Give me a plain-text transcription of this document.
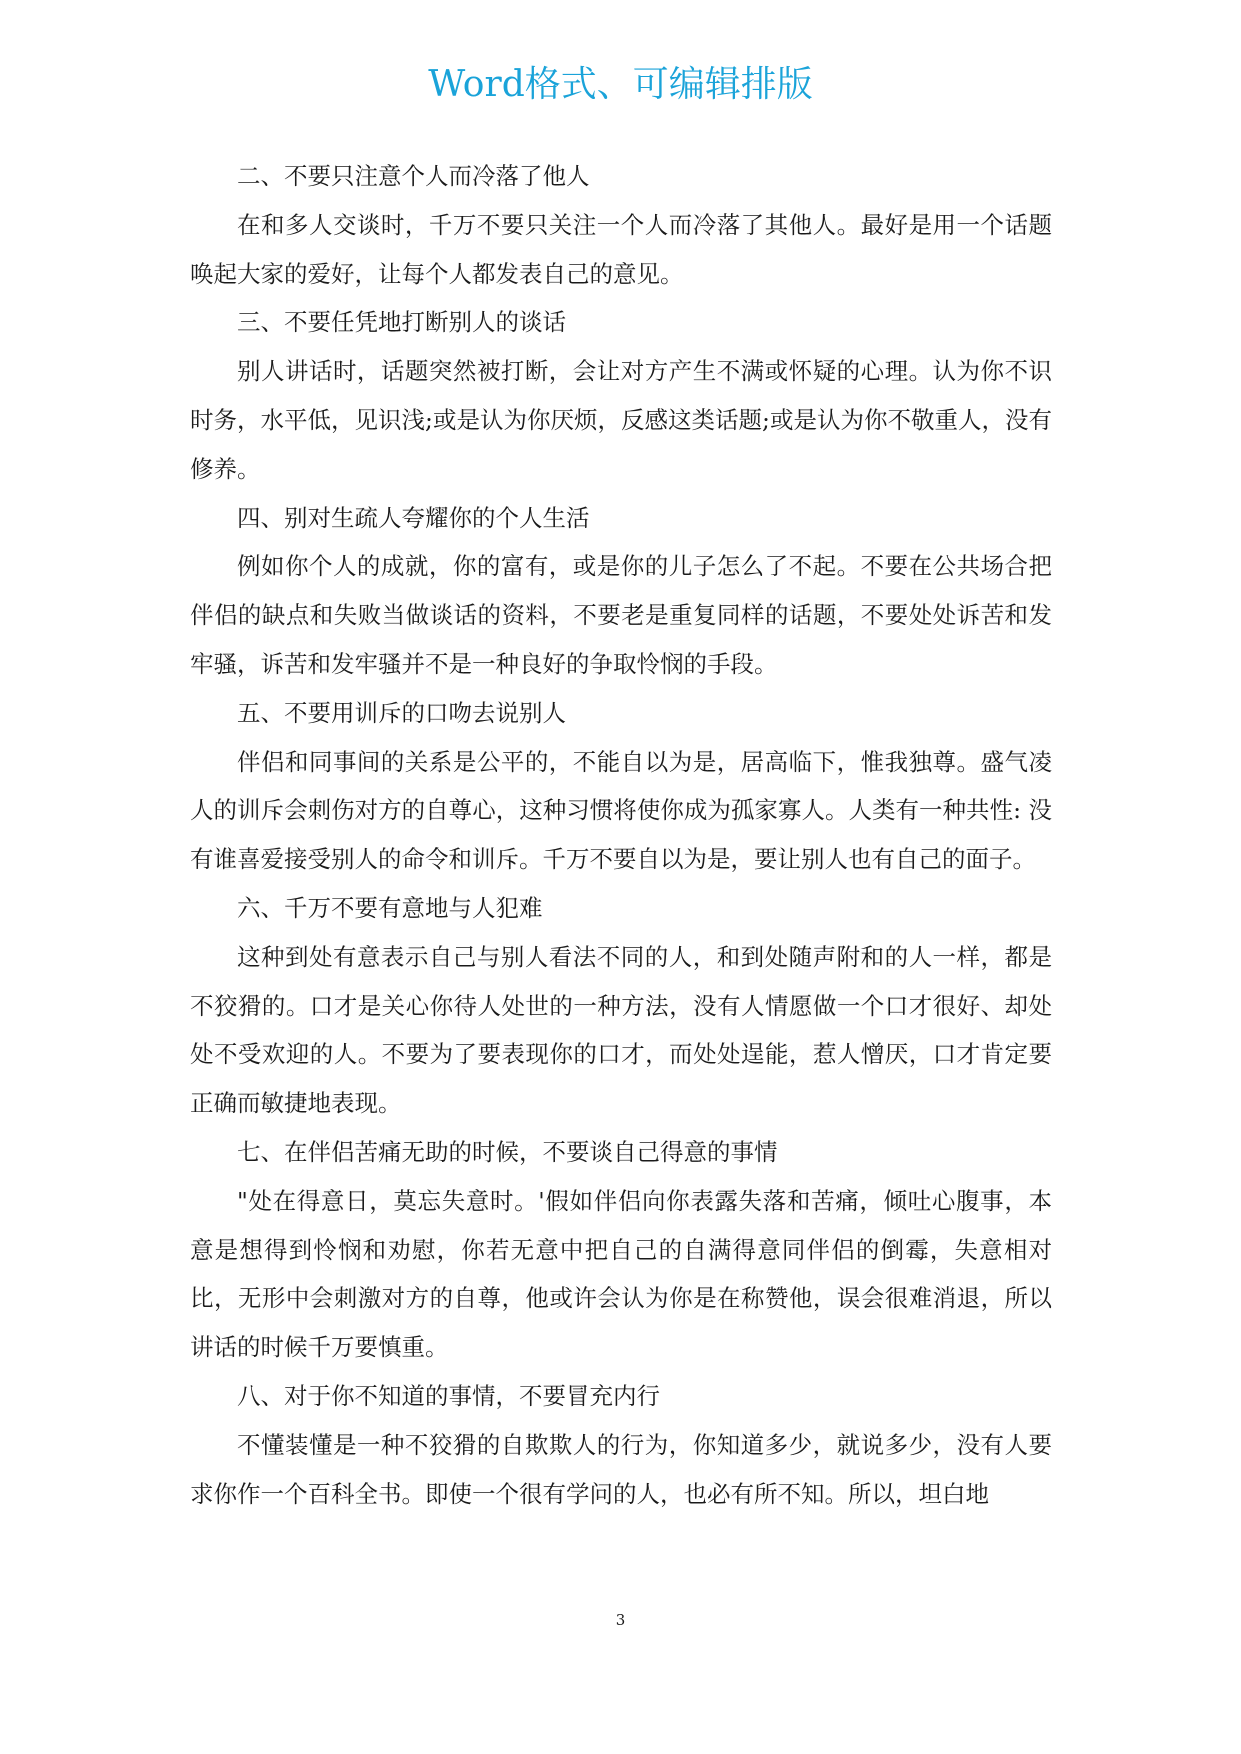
Word格式、可编辑排版

二、不要只注意个人而冷落了他人

在和多人交谈时，千万不要只关注一个人而冷落了其他人。最好是用一个话题唤起大家的爱好，让每个人都发表自己的意见。

三、不要任凭地打断别人的谈话

别人讲话时，话题突然被打断，会让对方产生不满或怀疑的心理。认为你不识时务，水平低，见识浅;或是认为你厌烦，反感这类话题;或是认为你不敬重人，没有修养。

四、别对生疏人夸耀你的个人生活

例如你个人的成就，你的富有，或是你的儿子怎么了不起。不要在公共场合把伴侣的缺点和失败当做谈话的资料，不要老是重复同样的话题，不要处处诉苦和发牢骚，诉苦和发牢骚并不是一种良好的争取怜悯的手段。

五、不要用训斥的口吻去说别人

伴侣和同事间的关系是公平的，不能自以为是，居高临下，惟我独尊。盛气凌人的训斥会刺伤对方的自尊心，这种习惯将使你成为孤家寡人。人类有一种共性: 没有谁喜爱接受别人的命令和训斥。千万不要自以为是，要让别人也有自己的面子。

六、千万不要有意地与人犯难

这种到处有意表示自己与别人看法不同的人，和到处随声附和的人一样，都是不狡猾的。口才是关心你待人处世的一种方法，没有人情愿做一个口才很好、却处处不受欢迎的人。不要为了要表现你的口才，而处处逞能，惹人憎厌，口才肯定要正确而敏捷地表现。

七、在伴侣苦痛无助的时候，不要谈自己得意的事情

"处在得意日，莫忘失意时。'假如伴侣向你表露失落和苦痛，倾吐心腹事，本意是想得到怜悯和劝慰，你若无意中把自己的自满得意同伴侣的倒霉，失意相对比，无形中会刺激对方的自尊，他或许会认为你是在称赞他，误会很难消退，所以讲话的时候千万要慎重。

八、对于你不知道的事情，不要冒充内行

不懂装懂是一种不狡猾的自欺欺人的行为，你知道多少，就说多少，没有人要求你作一个百科全书。即使一个很有学问的人，也必有所不知。所以，坦白地

3
